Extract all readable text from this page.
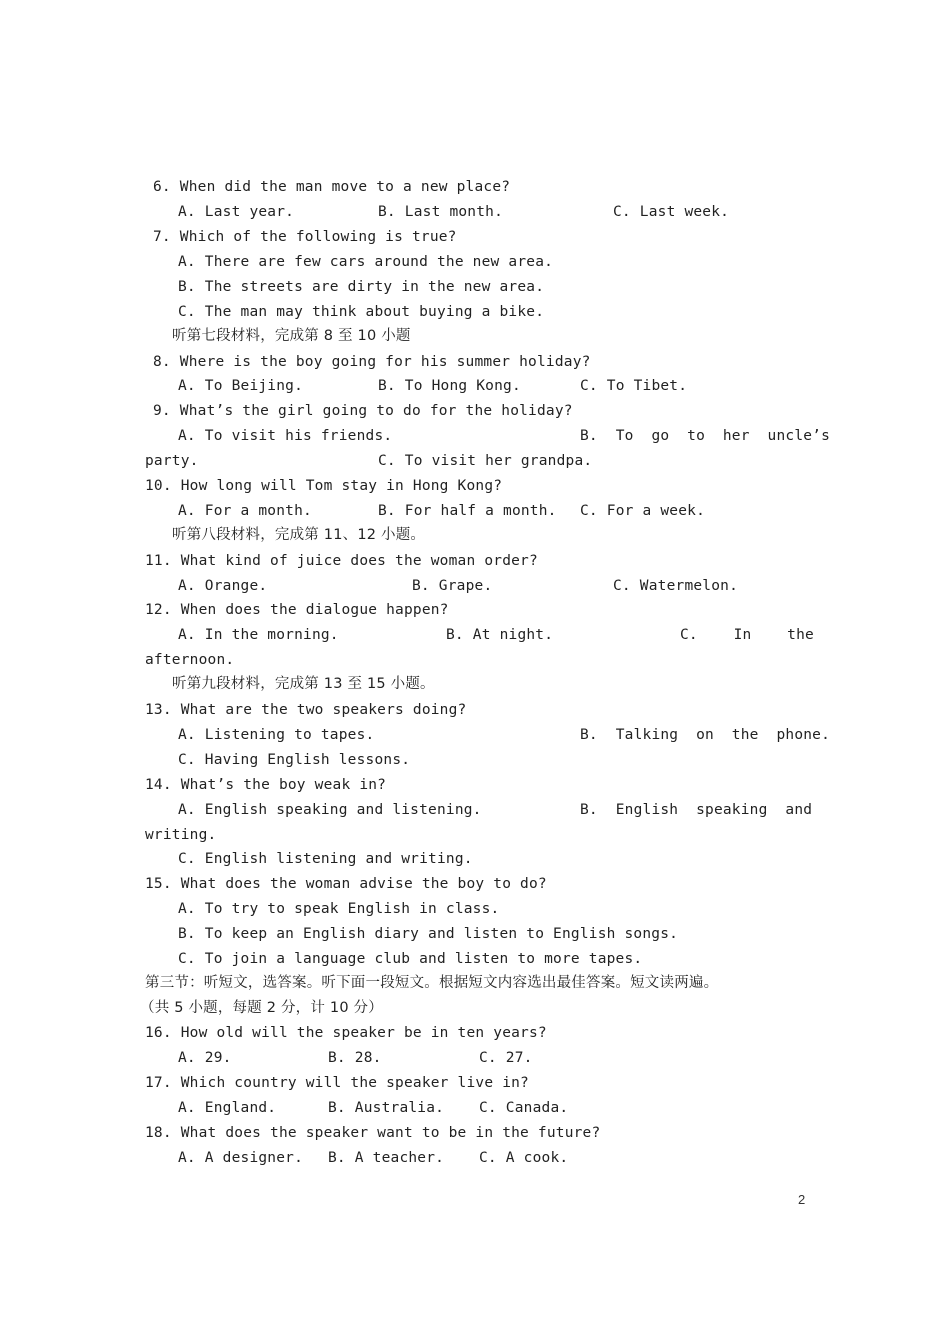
6. When did the man move to a new place?
A. Last year.	B. Last month.	C. Last week.
7. Which of the following is true?
A. There are few cars around the new area.
B. The streets are dirty in the new area.
C. The man may think about buying a bike.
听第七段材料，完成第 8 至 10 小题
8. Where is the boy going for his summer holiday?
A. To Beijing.	B. To Hong Kong.	C. To Tibet.
9. What’s the girl going to do for the holiday?
A. To visit his friends.	B.  To  go  to  her  uncle’s
party.	C. To visit her grandpa.
10. How long will Tom stay in Hong Kong?
A. For a month.	B. For half a month. C. For a week.
听第八段材料，完成第 11、12 小题。
11. What kind of juice does the woman order?
A. Orange.	B. Grape.	C. Watermelon.
12. When does the dialogue happen?
A. In the morning.	B. At night.	C.    In    the
afternoon.
听第九段材料，完成第 13 至 15 小题。
13. What are the two speakers doing?
A. Listening to tapes.	B.  Talking  on  the  phone.
C. Having English lessons.
14. What’s the boy weak in?
A. English speaking and listening.	B.  English  speaking  and
writing.
C. English listening and writing.
15. What does the woman advise the boy to do?
A. To try to speak English in class.
B. To keep an English diary and listen to English songs.
C. To join a language club and listen to more tapes.
第三节：听短文，选答案。听下面一段短文。根据短文内容选出最佳答案。短文读两遍。
（共 5 小题，每题 2 分，计 10 分）
16. How old will the speaker be in ten years?
A. 29.	B. 28.	C. 27.
17. Which country will the speaker live in?
A. England.	B. Australia. C. Canada.
18. What does the speaker want to be in the future?
A. A designer. B. A teacher. C. A cook.
2
